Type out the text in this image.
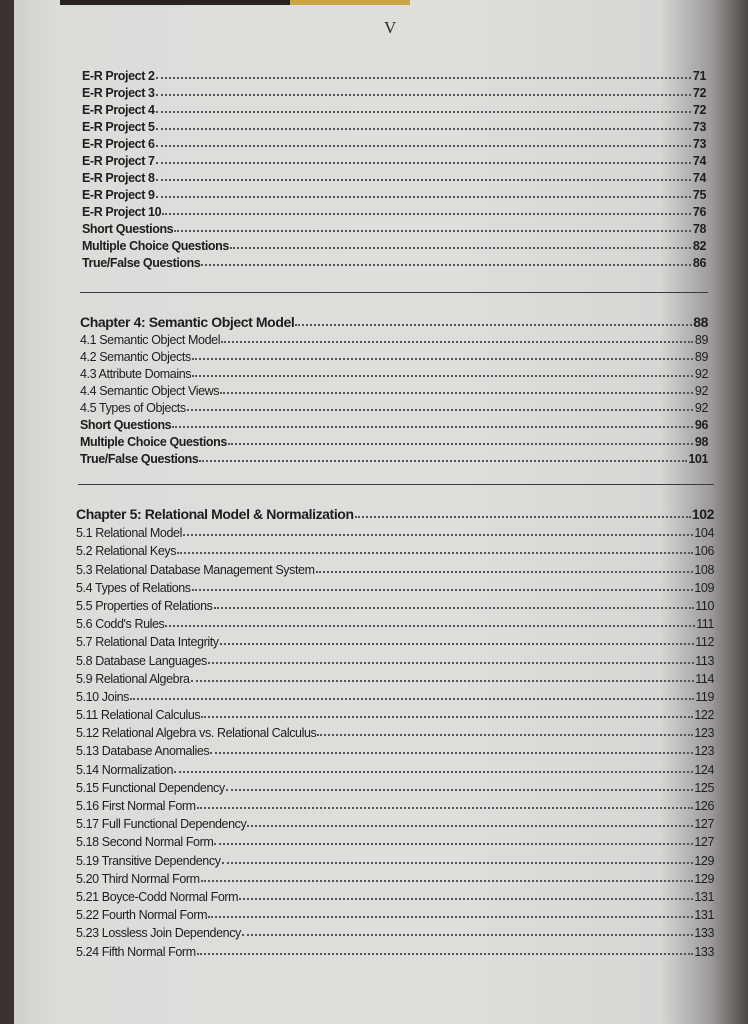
V
E-R Project 2	71
E-R Project 3	72
E-R Project 4	72
E-R Project 5	73
E-R Project 6	73
E-R Project 7	74
E-R Project 8	74
E-R Project 9	75
E-R Project 10	76
Short Questions	78
Multiple Choice Questions	82
True/False Questions	86
Chapter 4: Semantic Object Model	88
4.1 Semantic Object Model	89
4.2 Semantic Objects	89
4.3 Attribute Domains	92
4.4 Semantic Object Views	92
4.5 Types of Objects	92
Short Questions	96
Multiple Choice Questions	98
True/False Questions	101
Chapter 5: Relational Model & Normalization	102
5.1 Relational Model	104
5.2 Relational Keys	106
5.3 Relational Database Management System	108
5.4 Types of Relations	109
5.5 Properties of Relations	110
5.6 Codd's Rules	111
5.7 Relational Data Integrity	112
5.8 Database Languages	113
5.9 Relational Algebra	114
5.10 Joins	119
5.11 Relational Calculus	122
5.12 Relational Algebra vs. Relational Calculus	123
5.13 Database Anomalies	123
5.14 Normalization	124
5.15 Functional Dependency	125
5.16 First Normal Form	126
5.17 Full Functional Dependency	127
5.18 Second Normal Form	127
5.19 Transitive Dependency	129
5.20 Third Normal Form	129
5.21 Boyce-Codd Normal Form	131
5.22 Fourth Normal Form	131
5.23 Lossless Join Dependency	133
5.24 Fifth Normal Form	133
